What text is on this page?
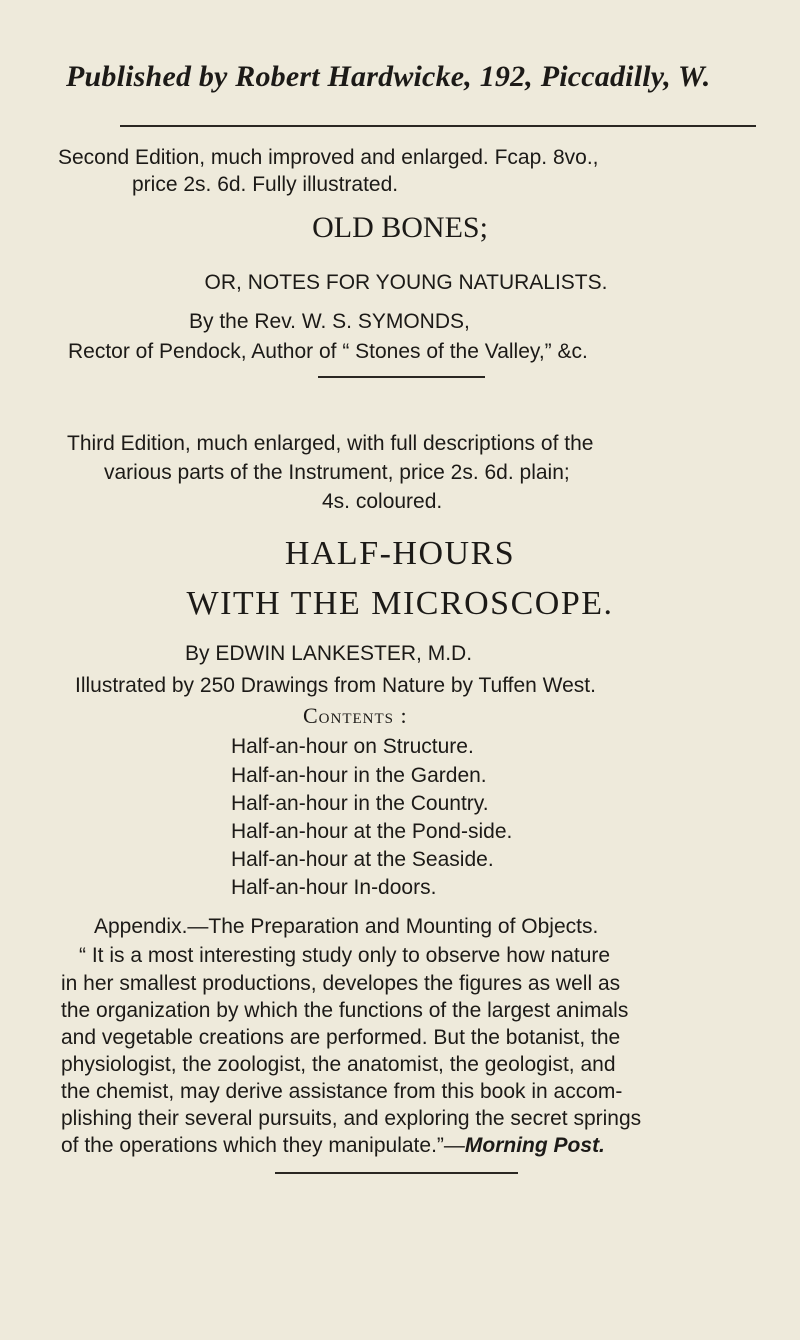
Published by Robert Hardwicke, 192, Piccadilly, W.
Second Edition, much improved and enlarged. Fcap. 8vo.,
price 2s. 6d. Fully illustrated.
OLD BONES;
OR, NOTES FOR YOUNG NATURALISTS.
By the Rev. W. S. SYMONDS,
Rector of Pendock, Author of “ Stones of the Valley,” &c.
Third Edition, much enlarged, with full descriptions of the
various parts of the Instrument, price 2s. 6d. plain;
4s. coloured.
HALF-HOURS
WITH THE MICROSCOPE.
By EDWIN LANKESTER, M.D.
Illustrated by 250 Drawings from Nature by Tuffen West.
Contents :
Half-an-hour on Structure.
Half-an-hour in the Garden.
Half-an-hour in the Country.
Half-an-hour at the Pond-side.
Half-an-hour at the Seaside.
Half-an-hour In-doors.
Appendix.—The Preparation and Mounting of Objects.
“ It is a most interesting study only to observe how nature
in her smallest productions, developes the figures as well as
the organization by which the functions of the largest animals
and vegetable creations are performed. But the botanist, the
physiologist, the zoologist, the anatomist, the geologist, and
the chemist, may derive assistance from this book in accom-
plishing their several pursuits, and exploring the secret springs
of the operations which they manipulate.”—Morning Post.
